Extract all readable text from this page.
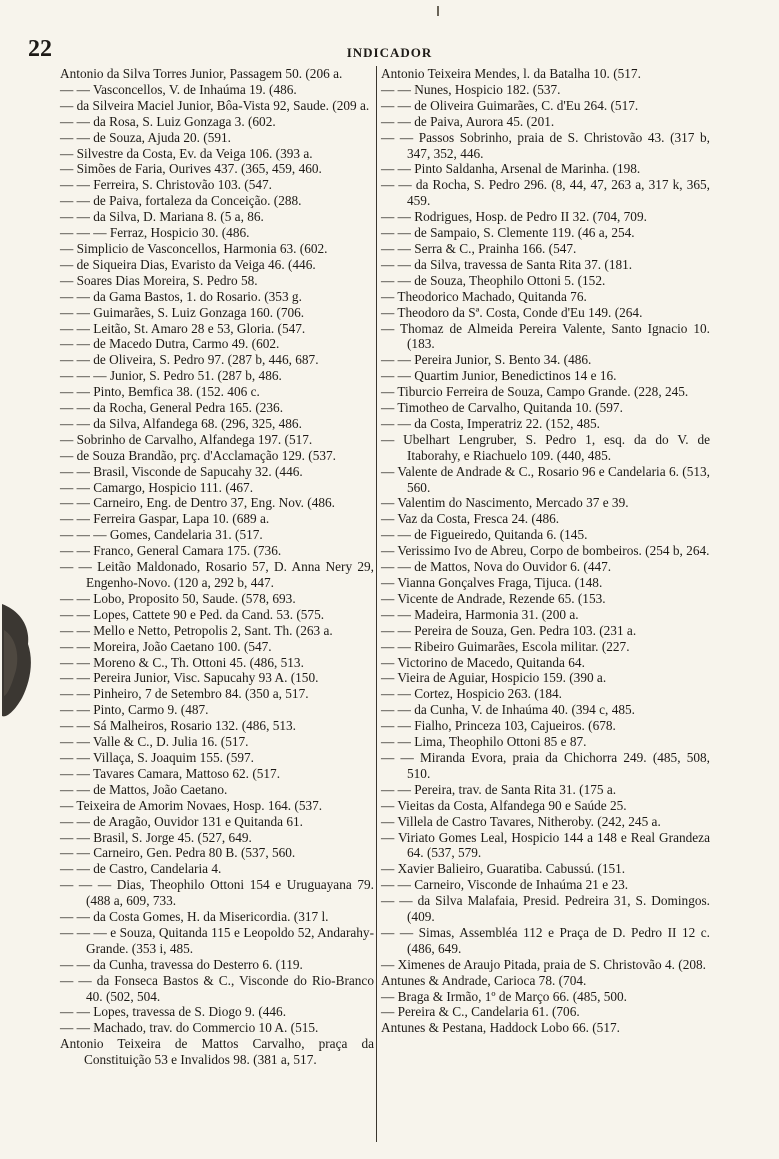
22	INDICADOR

Antonio da Silva Torres Junior, Passagem 50. (206 a.

— — Vasconcellos, V. de Inhaúma 19. (486.

— da Silveira Maciel Junior, Bôa-Vista 92, Saude. (209 a.

— — da Rosa, S. Luiz Gonzaga 3. (602.

— — de Souza, Ajuda 20. (591.

— Silvestre da Costa, Ev. da Veiga 106. (393 a.

— Simões de Faria, Ourives 437. (365, 459, 460.

— — Ferreira, S. Christovão 103. (547.

— — de Paiva, fortaleza da Conceição. (288.

— — da Silva, D. Mariana 8. (5 a, 86.

— — — Ferraz, Hospicio 30. (486.

— Simplicio de Vasconcellos, Harmonia 63. (602.

— de Siqueira Dias, Evaristo da Veiga 46. (446.

— Soares Dias Moreira, S. Pedro 58.

— — da Gama Bastos, 1. do Rosario. (353 g.

— — Guimarães, S. Luiz Gonzaga 160. (706.

— — Leitão, St. Amaro 28 e 53, Gloria. (547.

— — de Macedo Dutra, Carmo 49. (602.

— — de Oliveira, S. Pedro 97. (287 b, 446, 687.

— — — Junior, S. Pedro 51. (287 b, 486.

— — Pinto, Bemfica 38. (152. 406 c.

— — da Rocha, General Pedra 165. (236.

— — da Silva, Alfandega 68. (296, 325, 486.

— Sobrinho de Carvalho, Alfandega 197. (517.

— de Souza Brandão, prç. d'Acclamação 129. (537.

— — Brasil, Visconde de Sapucahy 32. (446.

— — Camargo, Hospicio 111. (467.

— — Carneiro, Eng. de Dentro 37, Eng. Nov. (486.

— — Ferreira Gaspar, Lapa 10. (689 a.

— — — Gomes, Candelaria 31. (517.

— — Franco, General Camara 175. (736.

— — Leitão Maldonado, Rosario 57, D. Anna Nery 29, Engenho-Novo. (120 a, 292 b, 447.

— — Lobo, Proposito 50, Saude. (578, 693.

— — Lopes, Cattete 90 e Ped. da Cand. 53. (575.

— — Mello e Netto, Petropolis 2, Sant. Th. (263 a.

— — Moreira, João Caetano 100. (547.

— — Moreno & C., Th. Ottoni 45. (486, 513.

— — Pereira Junior, Visc. Sapucahy 93 A. (150.

— — Pinheiro, 7 de Setembro 84. (350 a, 517.

— — Pinto, Carmo 9. (487.

— — Sá Malheiros, Rosario 132. (486, 513.

— — Valle & C., D. Julia 16. (517.

— — Villaça, S. Joaquim 155. (597.

— — Tavares Camara, Mattoso 62. (517.

— — de Mattos, João Caetano.

— Teixeira de Amorim Novaes, Hosp. 164. (537.

— — de Aragão, Ouvidor 131 e Quitanda 61.

— — Brasil, S. Jorge 45. (527, 649.

— — Carneiro, Gen. Pedra 80 B. (537, 560.

— — de Castro, Candelaria 4.

— — — Dias, Theophilo Ottoni 154 e Uruguayana 79. (488 a, 609, 733.

— — da Costa Gomes, H. da Misericordia. (317 l.

— — — e Souza, Quitanda 115 e Leopoldo 52, Andarahy-Grande. (353 i, 485.

— — da Cunha, travessa do Desterro 6. (119.

— — da Fonseca Bastos & C., Visconde do Rio-Branco 40. (502, 504.

— — Lopes, travessa de S. Diogo 9. (446.

— — Machado, trav. do Commercio 10 A. (515.

Antonio Teixeira de Mattos Carvalho, praça da Constituição 53 e Invalidos 98. (381 a, 517.

Antonio Teixeira Mendes, l. da Batalha 10. (517.

— — Nunes, Hospicio 182. (537.

— — de Oliveira Guimarães, C. d'Eu 264. (517.

— — de Paiva, Aurora 45. (201.

— — Passos Sobrinho, praia de S. Christovão 43. (317 b, 347, 352, 446.

— — Pinto Saldanha, Arsenal de Marinha. (198.

— — da Rocha, S. Pedro 296. (8, 44, 47, 263 a, 317 k, 365, 459.

— — Rodrigues, Hosp. de Pedro II 32. (704, 709.

— — de Sampaio, S. Clemente 119. (46 a, 254.

— — Serra & C., Prainha 166. (547.

— — da Silva, travessa de Santa Rita 37. (181.

— — de Souza, Theophilo Ottoni 5. (152.

— Theodorico Machado, Quitanda 76.

— Theodoro da Sª. Costa, Conde d'Eu 149. (264.

— Thomaz de Almeida Pereira Valente, Santo Ignacio 10. (183.

— — Pereira Junior, S. Bento 34. (486.

— — Quartim Junior, Benedictinos 14 e 16.

— Tiburcio Ferreira de Souza, Campo Grande. (228, 245.

— Timotheo de Carvalho, Quitanda 10. (597.

— — da Costa, Imperatriz 22. (152, 485.

— Ubelhart Lengruber, S. Pedro 1, esq. da do V. de Itaborahy, e Riachuelo 109. (440, 485.

— Valente de Andrade & C., Rosario 96 e Candelaria 6. (513, 560.

— Valentim do Nascimento, Mercado 37 e 39.

— Vaz da Costa, Fresca 24. (486.

— — de Figueiredo, Quitanda 6. (145.

— Verissimo Ivo de Abreu, Corpo de bombeiros. (254 b, 264.

— — de Mattos, Nova do Ouvidor 6. (447.

— Vianna Gonçalves Fraga, Tijuca. (148.

— Vicente de Andrade, Rezende 65. (153.

— — Madeira, Harmonia 31. (200 a.

— — Pereira de Souza, Gen. Pedra 103. (231 a.

— — Ribeiro Guimarães, Escola militar. (227.

— Victorino de Macedo, Quitanda 64.

— Vieira de Aguiar, Hospicio 159. (390 a.

— — Cortez, Hospicio 263. (184.

— — da Cunha, V. de Inhaúma 40. (394 c, 485.

— — Fialho, Princeza 103, Cajueiros. (678.

— — Lima, Theophilo Ottoni 85 e 87.

— — Miranda Evora, praia da Chichorra 249. (485, 508, 510.

— — Pereira, trav. de Santa Rita 31. (175 a.

— Vieitas da Costa, Alfandega 90 e Saúde 25.

— Villela de Castro Tavares, Nitheroby. (242, 245 a.

— Viriato Gomes Leal, Hospicio 144 a 148 e Real Grandeza 64. (537, 579.

— Xavier Balieiro, Guaratiba. Cabussú. (151.

— — Carneiro, Visconde de Inhaúma 21 e 23.

— — da Silva Malafaia, Presid. Pedreira 31, S. Domingos. (409.

— — Simas, Assembléa 112 e Praça de D. Pedro II 12 c. (486, 649.

— Ximenes de Araujo Pitada, praia de S. Christovão 4. (208.

Antunes & Andrade, Carioca 78. (704.

— Braga & Irmão, 1º de Março 66. (485, 500.

— Pereira & C., Candelaria 61. (706.

Antunes & Pestana, Haddock Lobo 66. (517.
